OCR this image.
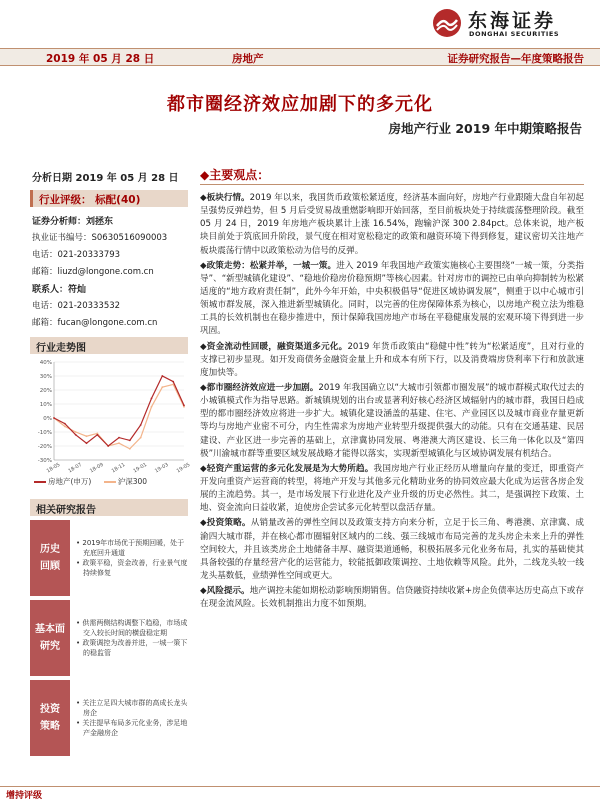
东海证券
DONGHAI SECURITIES
2019 年 05 月 28 日	房地产	证券研究报告—年度策略报告
都市圈经济效应加剧下的多元化
房地产行业 2019 年中期策略报告
分析日期 2019 年 05 月 28 日
行业评级： 标配(40)
证券分析师：刘拯东
执业证书编号：S0630516090003
电话：021-20333793
邮箱：liuzd@longone.com.cn
联系人：符灿
电话：021-20333532
邮箱：fucan@longone.com.cn
行业走势图
40%
30%
20%
10%
0%
-10%
-20%
-30%
18-05 18-07 18-09 18-11 19-01 19-03 19-05
房地产(申万)	沪深300
相关研究报告
历史
回顾
• 2019年市场优于预期回暖，处于充底回升通道
• 政策平稳，资金改善，行业景气度持续修复
基本面
研究
• 供需两侧结构调整下趋稳，市场成交入较长时间的横盘稳定期
• 政策调控为改善并进，一城一策下的稳监管
投资
策略
• 关注立足四大城市群的高成长龙头房企
• 关注提早布局多元化业务，涉足地产金融房企
◆主要观点：

◆板块行情。2019 年以来，我国货币政策松紧适度，经济基本面向好，房地产行业跟随大盘自年初起呈强势反弹趋势，但 5 月后受贸易战重燃影响即开始回落，至目前板块处于持续震荡整理阶段。截至 05 月 24 日，2019 年房地产板块累计上涨 16.54%，跑输沪深 300 2.84pct。总体来说，地产板块目前处于筑底回升阶段，景气度在相对宽松稳定的政策和融资环境下得到修复，建议密切关注地产板块震荡行情中以政策松动为信号的反弹。

◆政策走势：松紧并举，一城一策。进入 2019 年我国地产政策实施核心主要围绕“一城一策，分类指导”、“新型城镇化建设”、“稳地价稳房价稳预期”等核心因素。针对房市的调控已由单向抑制转为松紧适度的“地方政府责任制”，此外今年开始，中央积极倡导“促进区域协调发展”，侧重于以中心城市引领城市群发展，深入推进新型城镇化。同时，以完善的住房保障体系为核心，以房地产税立法为维稳工具的长效机制也在稳步推进中，预计保障我国房地产市场在平稳健康发展的宏观环境下得到进一步巩固。

◆资金流动性回暖，融资渠道多元化。2019 年货币政策由“稳健中性”转为“松紧适度”，且对行业的支撑已初步显现。如开发商债务金融资金量上升和成本有所下行，以及消费端房贷利率下行和放款速度加快等。

◆都市圈经济效应进一步加剧。2019 年我国确立以“大城市引领都市圈发展”的城市群模式取代过去的小城镇模式作为指导思路。新城镇规划的出台或显著利好核心经济区域辐射内的城市群，我国日趋成型的都市圈经济效应将进一步扩大。城镇化建设涵盖的基建、住宅、产业园区以及城市商业存量更新等均与房地产业密不可分，内生性需求为房地产业转型升级提供强大的动能。只有在交通基建、民居建设、产业区进一步完善的基础上，京津冀协同发展、粤港澳大湾区建设、长三角一体化以及“第四极”川渝城市群等重要区域发展战略才能得以落实，实现新型城镇化与区域协调发展有机结合。

◆轻资产重运营的多元化发展是为大势所趋。我国房地产行业正经历从增量向存量的变迁，即重资产开发向重资产运营商的转型，将地产开发与其他多元化精助业务的协同效应最大化成为运营各房企发展的主流趋势。其一，是市场发展下行业进化及产业升级的历史必然性。其二，是强调控下政策、土地、资金流向日益收紧，迫使房企尝试多元化转型以盘活存量。

◆投资策略。从销量改善的弹性空间以及政策支持方向来分析，立足于长三角、粤港澳、京津冀、成渝四大城市群，并在核心都市圈辐射区域内的二线、强三线城市布局完善的龙头房企未来上升的弹性空间较大，并且该类房企土地储备丰厚、融资渠道通畅，积极拓展多元化业务布局，扎实的基础使其具备较强的存量经营产化的运营能力，较能抵御政策调控、土地依赖等风险。此外，二线龙头较一线龙头基数低，业绩弹性空间或更大。

◆风险提示。地产调控未能如期松动影响预期销售。信贷融资持续收紧+房企负债率达历史高点下或存在现金流风险。长效机制推出力度不如预期。

增持评级
